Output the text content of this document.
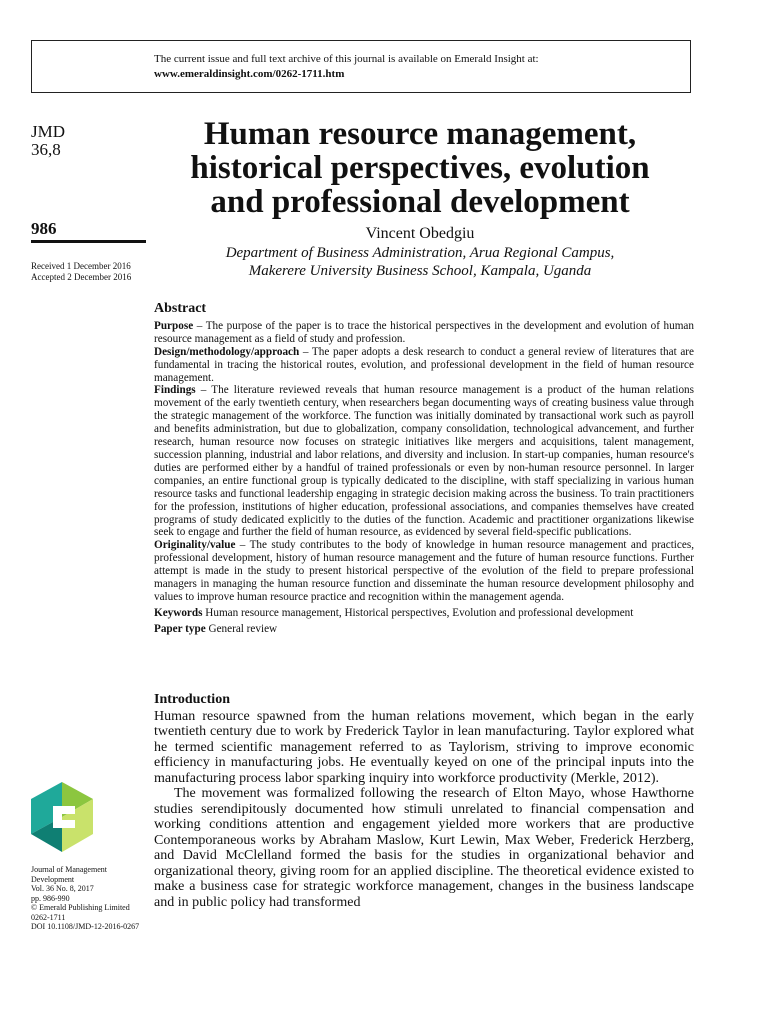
The current issue and full text archive of this journal is available on Emerald Insight at:
www.emeraldinsight.com/0262-1711.htm
JMD
36,8
986
Received 1 December 2016
Accepted 2 December 2016
Human resource management,
historical perspectives, evolution
and professional development
Vincent Obedgiu
Department of Business Administration, Arua Regional Campus,
Makerere University Business School, Kampala, Uganda
Abstract

Purpose – The purpose of the paper is to trace the historical perspectives in the development and evolution of human resource management as a field of study and profession.

Design/methodology/approach – The paper adopts a desk research to conduct a general review of literatures that are fundamental in tracing the historical routes, evolution, and professional development in the field of human resource management.

Findings – The literature reviewed reveals that human resource management is a product of the human relations movement of the early twentieth century, when researchers began documenting ways of creating business value through the strategic management of the workforce. The function was initially dominated by transactional work such as payroll and benefits administration, but due to globalization, company consolidation, technological advancement, and further research, human resource now focuses on strategic initiatives like mergers and acquisitions, talent management, succession planning, industrial and labor relations, and diversity and inclusion. In start-up companies, human resource's duties are performed either by a handful of trained professionals or even by non-human resource personnel. In larger companies, an entire functional group is typically dedicated to the discipline, with staff specializing in various human resource tasks and functional leadership engaging in strategic decision making across the business. To train practitioners for the profession, institutions of higher education, professional associations, and companies themselves have created programs of study dedicated explicitly to the duties of the function. Academic and practitioner organizations likewise seek to engage and further the field of human resource, as evidenced by several field-specific publications.

Originality/value – The study contributes to the body of knowledge in human resource management and practices, professional development, history of human resource management and the future of human resource functions. Further attempt is made in the study to present historical perspective of the evolution of the field to prepare professional managers in managing the human resource function and disseminate the human resource development philosophy and values to improve human resource practice and recognition within the management agenda.

Keywords Human resource management, Historical perspectives, Evolution and professional development

Paper type General review

Introduction

Human resource spawned from the human relations movement, which began in the early twentieth century due to work by Frederick Taylor in lean manufacturing. Taylor explored what he termed scientific management referred to as Taylorism, striving to improve economic efficiency in manufacturing jobs. He eventually keyed on one of the principal inputs into the manufacturing process labor sparking inquiry into workforce productivity (Merkle, 2012).

The movement was formalized following the research of Elton Mayo, whose Hawthorne studies serendipitously documented how stimuli unrelated to financial compensation and working conditions attention and engagement yielded more workers that are productive Contemporaneous works by Abraham Maslow, Kurt Lewin, Max Weber, Frederick Herzberg, and David McClelland formed the basis for the studies in organizational behavior and organizational theory, giving room for an applied discipline. The theoretical evidence existed to make a business case for strategic workforce management, changes in the business landscape and in public policy had transformed

Journal of Management
Development
Vol. 36 No. 8, 2017
pp. 986-990
© Emerald Publishing Limited
0262-1711
DOI 10.1108/JMD-12-2016-0267
